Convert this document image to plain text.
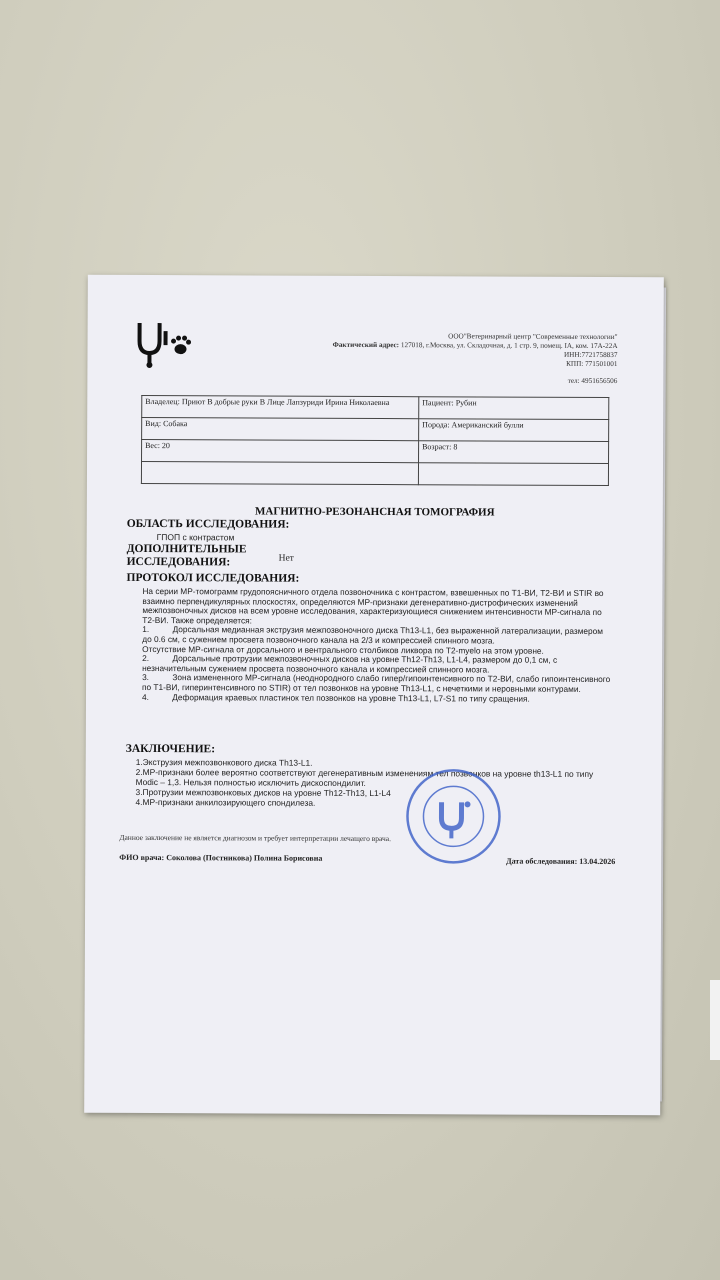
ООО"Ветеринарный центр "Современные технологии"
Фактический адрес: 127018, г.Москва, ул. Складочная, д. 1 стр. 9, помещ. IA, ком. 17А-22А
ИНН:7721758837
КПП: 771501001
тел: 4951656506
Владелец: Приют В добрые руки В Лице Лапзуриди Ирина Николаевна	Пациент: Рубин
Вид: Собака	Порода: Американский булли
Вес: 20	Возраст: 8

МАГНИТНО-РЕЗОНАНСНАЯ ТОМОГРАФИЯ
ОБЛАСТЬ ИССЛЕДОВАНИЯ:
ГПОП с контрастом
ДОПОЛНИТЕЛЬНЫЕ
ИССЛЕДОВАНИЯ:	Нет
ПРОТОКОЛ ИССЛЕДОВАНИЯ:

На серии МР-томограмм грудопоясничного отдела позвоночника с контрастом, взвешенных по Т1-ВИ, Т2-ВИ и STIR во взаимно перпендикулярных плоскостях, определяются МР-признаки дегенеративно-дистрофических изменений межпозвоночных дисков на всем уровне исследования, характеризующиеся снижением интенсивности МР-сигнала по Т2-ВИ. Также определяется:

1.	Дорсальная медианная экструзия межпозвоночного диска Th13-L1, без выраженной латерализации, размером до 0.6 см, с сужением просвета позвоночного канала на 2/3 и компрессией спинного мозга.

Отсутствие МР-сигнала от дорсального и вентрального столбиков ликвора по Т2-myelo на этом уровне.

2.	Дорсальные протрузии межпозвоночных дисков на уровне Th12-Th13, L1-L4, размером до 0,1 см, с незначительным сужением просвета позвоночного канала и компрессией спинного мозга.

3.	Зона измененного МР-сигнала (неоднородного слабо гипер/гипоинтенсивного по Т2-ВИ, слабо гипоинтенсивного по Т1-ВИ, гиперинтенсивного по STIR) от тел позвонков на уровне Th13-L1, с нечеткими и неровными контурами.

4.	Деформация краевых пластинок тел позвонков на уровне Th13-L1, L7-S1 по типу сращения.

ЗАКЛЮЧЕНИЕ:

1.Экструзия межпозвонкового диска Th13-L1.

2.МР-признаки более вероятно соответствуют дегенеративным изменениям тел позвонков на уровне th13-L1 по типу Modic – 1,3. Нельзя полностью исключить дискоспондилит.

3.Протрузии межпозвонковых дисков на уровне Th12-Th13, L1-L4

4.МР-признаки анкилозирующего спондилеза.

Данное заключение не является диагнозом и требует интерпретации лечащего врача.
ФИО врача: Соколова (Постникова) Полина Борисовна	Дата обследования: 13.04.2026
